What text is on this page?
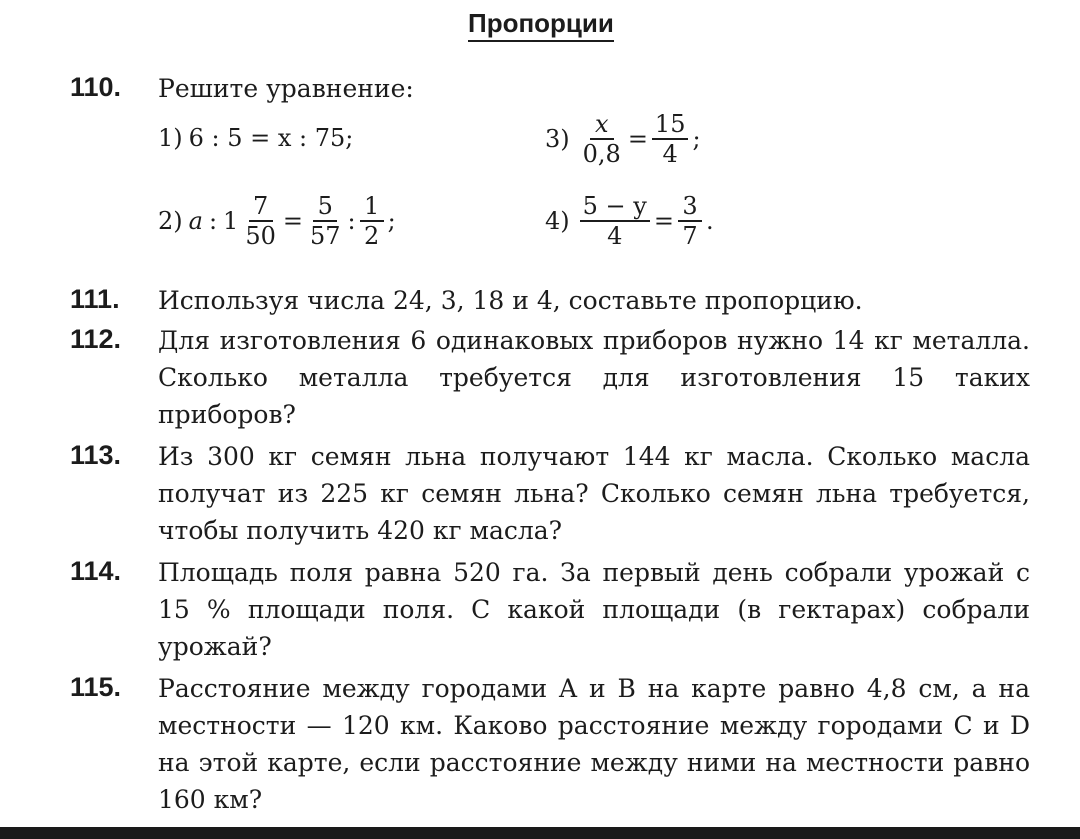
Пропорции
110. Решите уравнение:
1) 6 : 5 = x : 75;
2) a : $1 \frac{7}{50} = \frac{5}{57}$ : $\frac{1}{2}$ ;
$3) \frac{x}{0,8} = \frac{15}{4}$ ;
$4) \frac{5 - y}{4} = \frac{3}{7}$ .
111. Используя числа 24, 3, 18 и 4, составьте пропорцию.
112. Для изготовления 6 одинаковых приборов нужно 14 кг металла. Сколько металла требуется для изготовления 15 таких приборов?
113. Из 300 кг семян льна получают 144 кг масла. Сколько масла получат из 225 кг семян льна? Сколько семян льна требуется, чтобы получить 420 кг масла?
114. Площадь поля равна 520 га. За первый день собрали урожай с 15 % площади поля. С какой площади (в гектарах) собрали урожай?
115. Расстояние между городами A и B на карте равно 4,8 см, а на местности — 120 км. Каково расстояние между городами C и D на этой карте, если расстояние между ними на местности равно 160 км?
